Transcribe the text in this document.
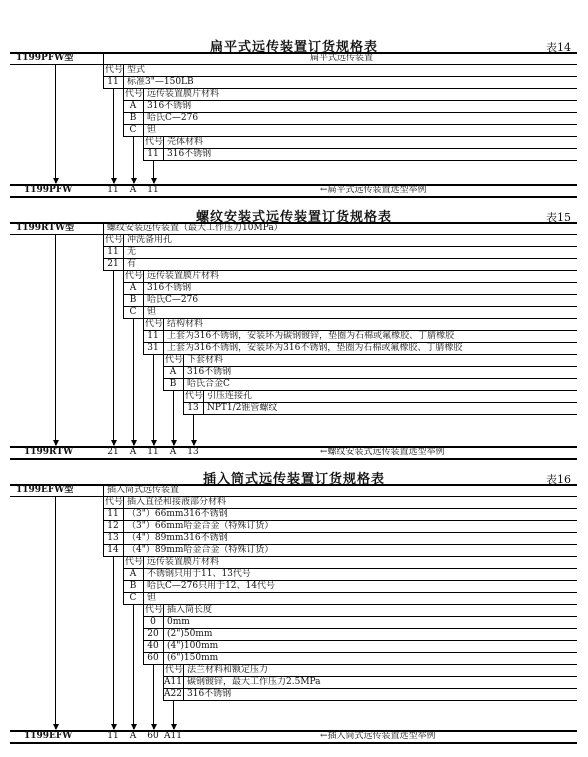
扁平式远传装置订货规格表	表14
1199PFW型	扁平式远传装置
代号 型式
11 标准3"—150LB
代号 远传装置膜片材料
A	316不锈钢
B	哈氏C—276
C	钽
代号 壳体材料
11 316不锈钢
1199PFW	11	A	11	←扁平式远传装置选型举例
螺纹安装式远传装置订货规格表	表15
1199RTW型	螺纹安装远传装置（最大工作压力10MPa）
代号 冲洗备用孔
11 无
21 有
代号 远传装置膜片材料
A	316不锈钢
B	哈氏C—276
C	钽
代号 结构材料
11 上套为316不锈钢，安装环为碳钢镀锌，垫圈为石棉或氟橡胶、丁腈橡胶
31 上套为316不锈钢，安装环为316不锈钢，垫圈为石棉或氟橡胶、丁腈橡胶
代号 下套材料
A	316不锈钢
B	哈氏合金C
代号 引压连接孔
13 NPT1/2锥管螺纹
1199RTW	21	A	11	A	13	←螺纹安装式远传装置选型举例
插入筒式远传装置订货规格表	表16
1199EFW型	插入筒式远传装置
代号 插入直径和接液部分材料
11 （3"）66mm316不锈钢
12 （3"）66mm哈金合金（特殊订货）
13 （4"）89mm316不锈钢
14 （4"）89mm哈金合金（特殊订货）
代号 远传装置膜片材料
A	不锈钢只用于11、13代号
B	哈氏C—276只用于12、14代号
C	钽
代号 插入筒长度
0	0mm
20 (2")50mm
40 (4")100mm
60 (6")150mm
代号 法兰材料和额定压力
A11 碳钢镀锌，最大工作压力2.5MPa
A22 316不锈钢
1199EFW	11	A	60 A11	←插入筒式远传装置选型举例
